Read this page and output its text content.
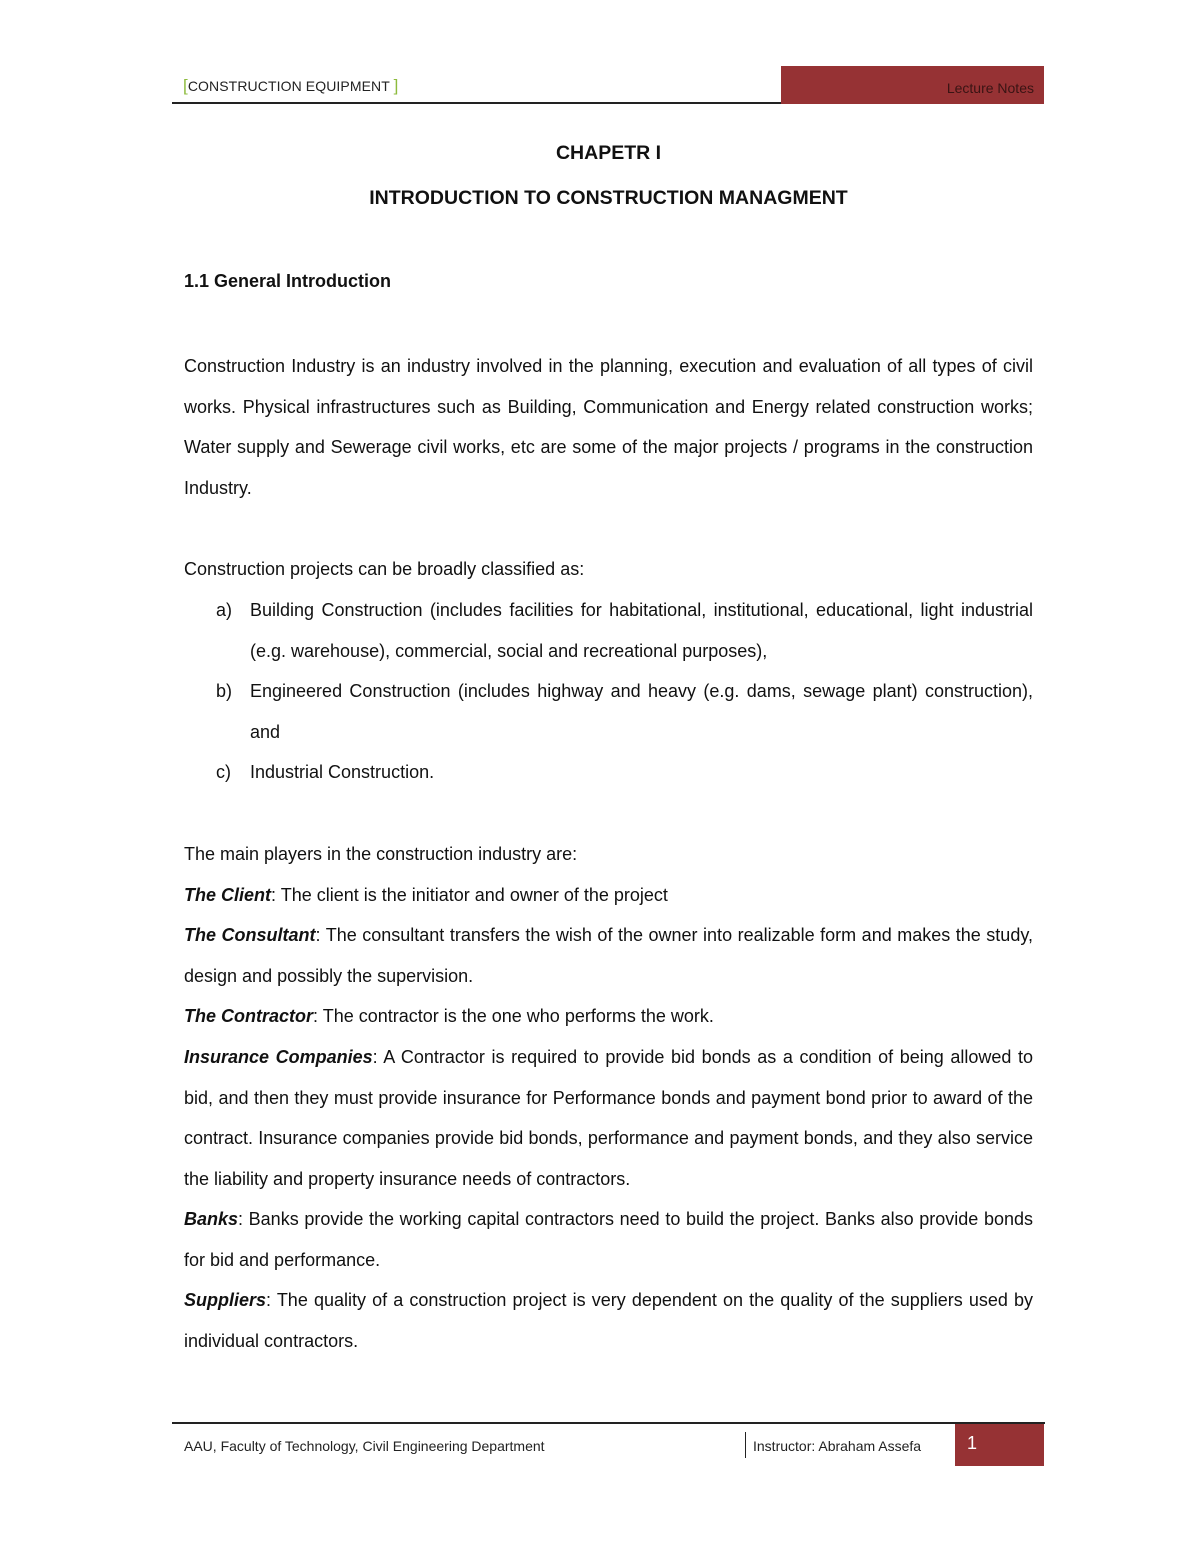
[CONSTRUCTION EQUIPMENT ]	Lecture Notes
CHAPETR I
INTRODUCTION TO CONSTRUCTION MANAGMENT
1.1 General Introduction

Construction Industry is an industry involved in the planning, execution and evaluation of all types of civil works. Physical infrastructures such as Building, Communication and Energy related construction works; Water supply and Sewerage civil works, etc are some of the major projects / programs in the construction Industry.

Construction projects can be broadly classified as:

a) Building Construction (includes facilities for habitational, institutional, educational, light industrial (e.g. warehouse), commercial, social and recreational purposes),
b) Engineered Construction (includes highway and heavy (e.g. dams, sewage plant) construction), and
c) Industrial Construction.

The main players in the construction industry are:

The Client: The client is the initiator and owner of the project

The Consultant: The consultant transfers the wish of the owner into realizable form and makes the study, design and possibly the supervision.

The Contractor: The contractor is the one who performs the work.

Insurance Companies: A Contractor is required to provide bid bonds as a condition of being allowed to bid, and then they must provide insurance for Performance bonds and payment bond prior to award of the contract. Insurance companies provide bid bonds, performance and payment bonds, and they also service the liability and property insurance needs of contractors.

Banks: Banks provide the working capital contractors need to build the project. Banks also provide bonds for bid and performance.

Suppliers: The quality of a construction project is very dependent on the quality of the suppliers used by individual contractors.

AAU, Faculty of Technology, Civil Engineering Department	Instructor: Abraham Assefa	1
